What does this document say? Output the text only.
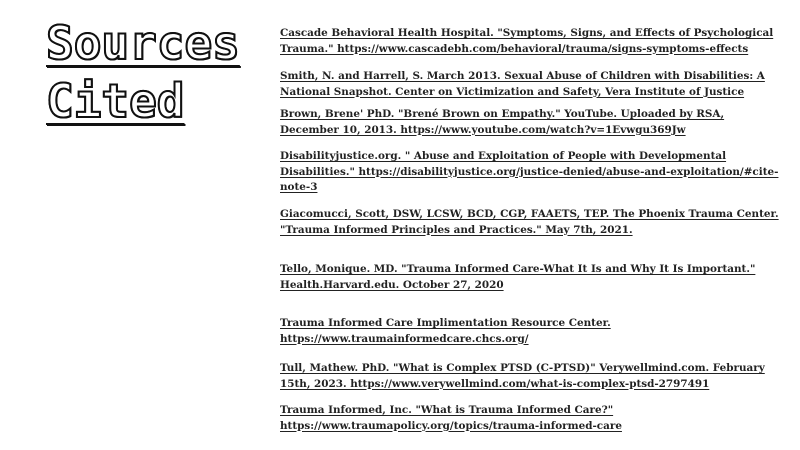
Sources
Cited

Cascade Behavioral Health Hospital. "Symptoms, Signs, and Effects of Psychological Trauma." https://www.cascadebh.com/behavioral/trauma/signs-symptoms-effects

Smith, N. and Harrell, S. March 2013. Sexual Abuse of Children with Disabilities: A National Snapshot. Center on Victimization and Safety, Vera Institute of Justice

Brown, Brene' PhD. "Brené Brown on Empathy." YouTube. Uploaded by RSA, December 10, 2013. https://www.youtube.com/watch?v=1Evwgu369Jw

Disabilityjustice.org. " Abuse and Exploitation of People with Developmental Disabilities." https://disabilityjustice.org/justice-denied/abuse-and-exploitation/#cite-note-3

Giacomucci, Scott, DSW, LCSW, BCD, CGP, FAAETS, TEP. The Phoenix Trauma Center. "Trauma Informed Principles and Practices." May 7th, 2021.

Tello, Monique. MD. "Trauma Informed Care-What It Is and Why It Is Important." Health.Harvard.edu. October 27, 2020

Trauma Informed Care Implimentation Resource Center. https://www.traumainformedcare.chcs.org/

Tull, Mathew. PhD. "What is Complex PTSD (C-PTSD)" Verywellmind.com. February 15th, 2023. https://www.verywellmind.com/what-is-complex-ptsd-2797491

Trauma Informed, Inc. "What is Trauma Informed Care?" https://www.traumapolicy.org/topics/trauma-informed-care
